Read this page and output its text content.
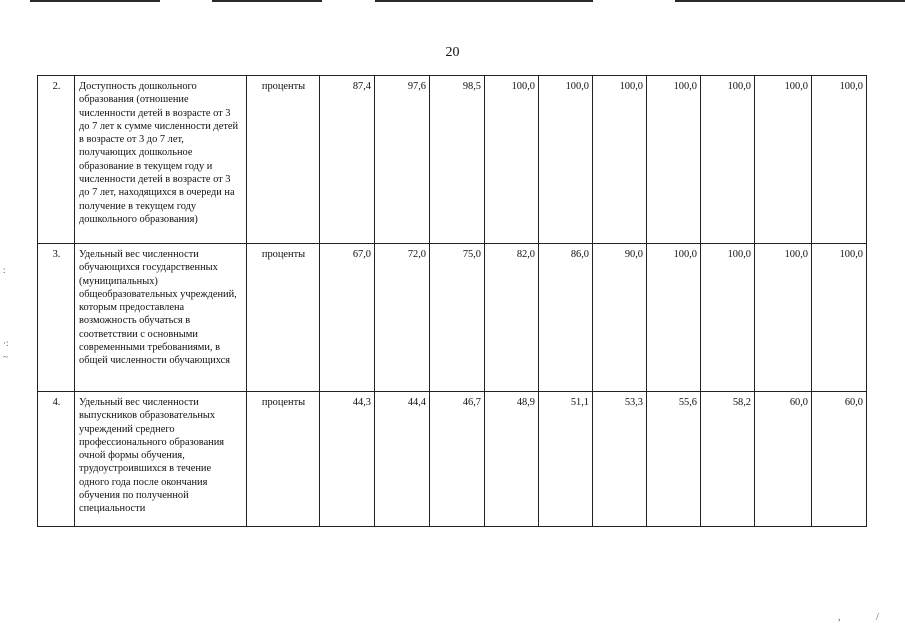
20
:
·:
~
,	/
2.	Доступность дошкольного образования (отношение численности детей в возрасте от 3 до 7 лет к сумме численности детей в возрасте от 3 до 7 лет, получающих дошкольное образование в текущем году и численности детей в возрасте от 3 до 7 лет, находящихся в очереди на получение в текущем году дошкольного образования)	проценты	87,4	97,6	98,5	100,0	100,0	100,0	100,0	100,0	100,0	100,0
3.	Удельный вес численности обучающихся государственных (муниципальных) общеобразовательных учреждений, которым предоставлена возможность обучаться в соответствии с основными современными требованиями, в общей численности обучающихся	проценты	67,0	72,0	75,0	82,0	86,0	90,0	100,0	100,0	100,0	100,0
4.	Удельный вес численности выпускников образовательных учреждений среднего профессионального образования очной формы обучения, трудоустроившихся в течение одного года после окончания обучения по полученной специальности	проценты	44,3	44,4	46,7	48,9	51,1	53,3	55,6	58,2	60,0	60,0
